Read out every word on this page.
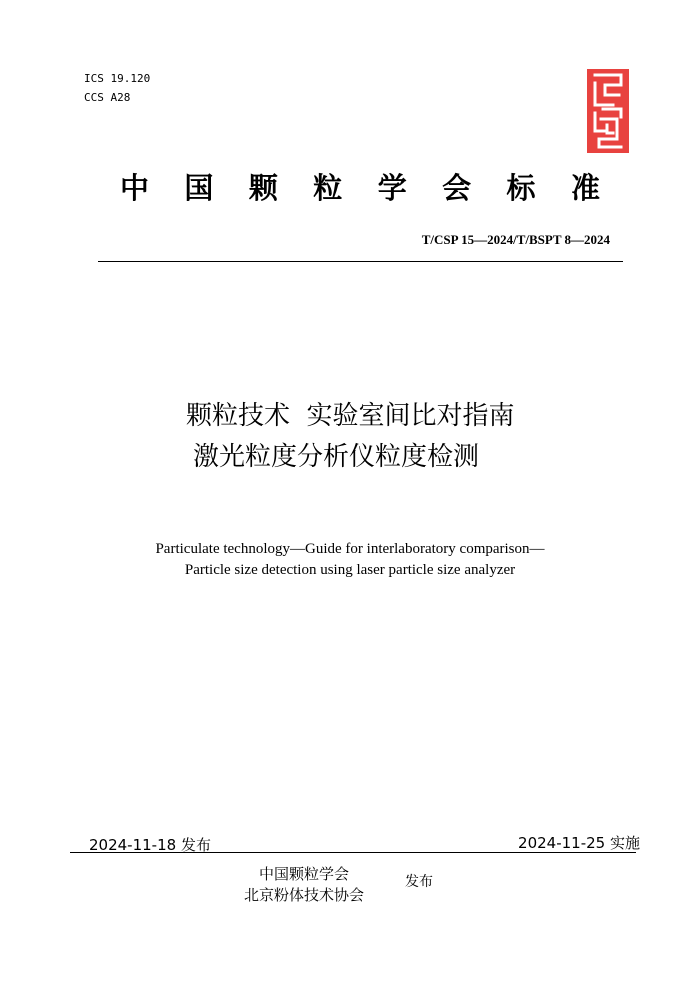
ICS 19.120
CCS A28
中 国 颗 粒 学 会 标 准
T/CSP 15—2024/T/BSPT 8—2024
颗粒技术  实验室间比对指南
激光粒度分析仪粒度检测
Particulate technology—Guide for interlaboratory comparison—
Particle size detection using laser particle size analyzer
2024-11-18 发布	2024-11-25 实施
中国颗粒学会
北京粉体技术协会
发布
